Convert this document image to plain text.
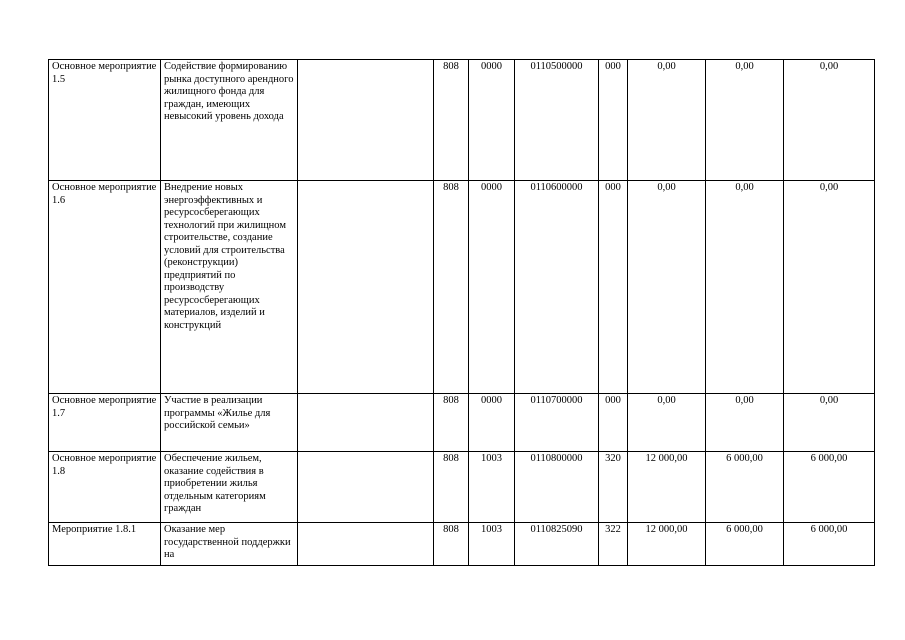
Основное мероприятие 1.5	Содействие формированию рынка доступного арендного жилищного фонда для граждан, имеющих невысокий уровень дохода		808	0000	0110500000	000	0,00	0,00	0,00
Основное мероприятие 1.6	Внедрение новых энергоэффективных и ресурсосберегающих технологий при жилищном строительстве, создание условий для строительства (реконструкции) предприятий по производству ресурсосберегающих материалов, изделий и конструкций		808	0000	0110600000	000	0,00	0,00	0,00
Основное мероприятие 1.7	Участие в реализации программы «Жилье для российской семьи»		808	0000	0110700000	000	0,00	0,00	0,00
Основное мероприятие 1.8	Обеспечение жильем, оказание содействия в приобретении жилья отдельным категориям граждан		808	1003	0110800000	320	12 000,00	6 000,00	6 000,00
Мероприятие 1.8.1	Оказание мер государственной поддержки на		808	1003	0110825090	322	12 000,00	6 000,00	6 000,00
